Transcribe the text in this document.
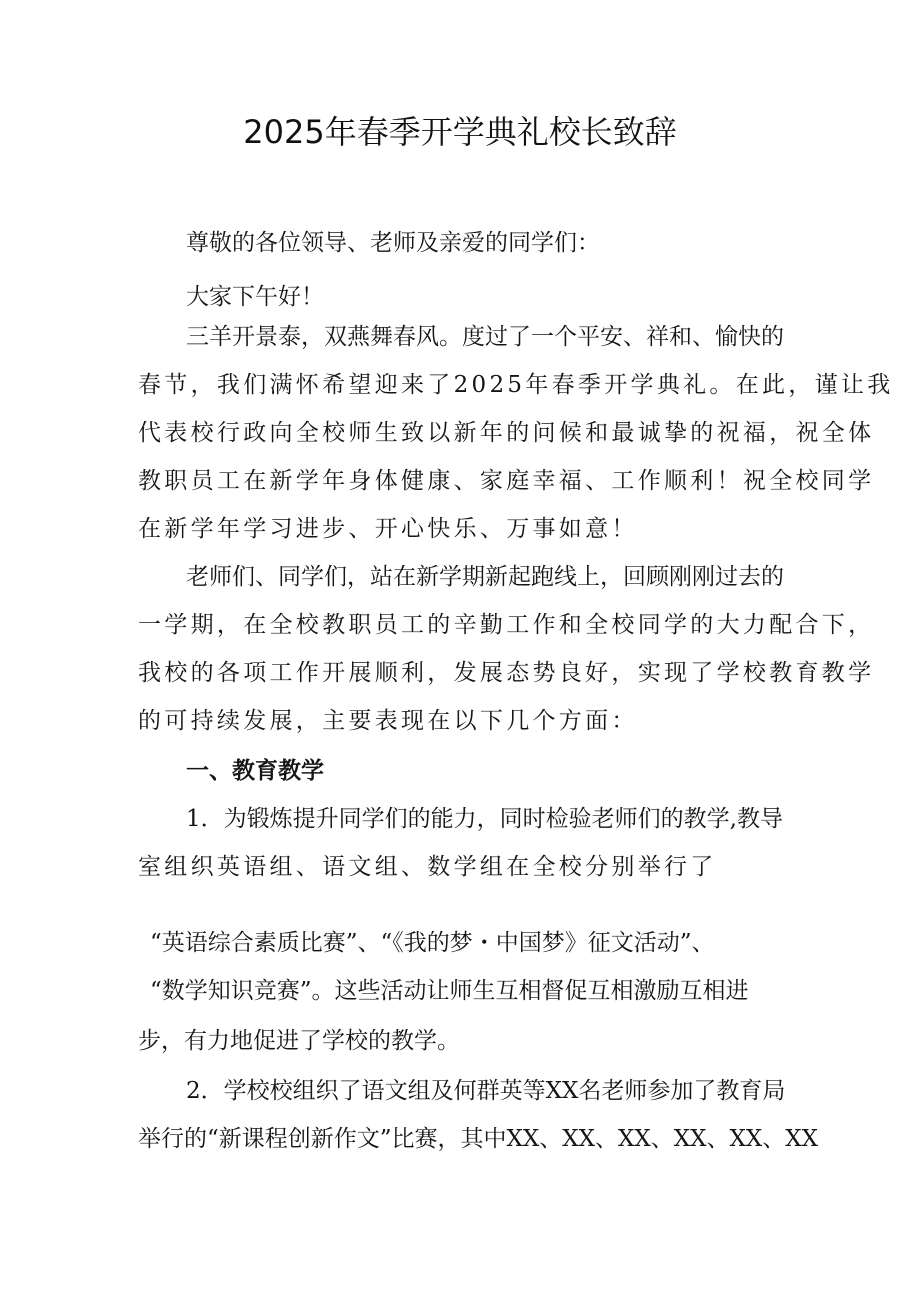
2025年春季开学典礼校长致辞
尊敬的各位领导、老师及亲爱的同学们：
大家下午好！
三羊开景泰，双燕舞春风。度过了一个平安、祥和、愉快的
春节，我们满怀希望迎来了2025年春季开学典礼。在此，谨让我
代表校行政向全校师生致以新年的问候和最诚挚的祝福，祝全体
教职员工在新学年身体健康、家庭幸福、工作顺利！祝全校同学
在新学年学习进步、开心快乐、万事如意！
老师们、同学们，站在新学期新起跑线上，回顾刚刚过去的
一学期，在全校教职员工的辛勤工作和全校同学的大力配合下，
我校的各项工作开展顺利，发展态势良好，实现了学校教育教学
的可持续发展，主要表现在以下几个方面：
一、教育教学
1．为锻炼提升同学们的能力，同时检验老师们的教学,教导
室组织英语组、语文组、数学组在全校分别举行了
“英语综合素质比赛”、“《我的梦・中国梦》征文活动”、
“数学知识竞赛”。这些活动让师生互相督促互相激励互相进
步，有力地促进了学校的教学。
2．学校校组织了语文组及何群英等XX名老师参加了教育局
举行的“新课程创新作文”比赛，其中XX、XX、XX、XX、XX、XX
